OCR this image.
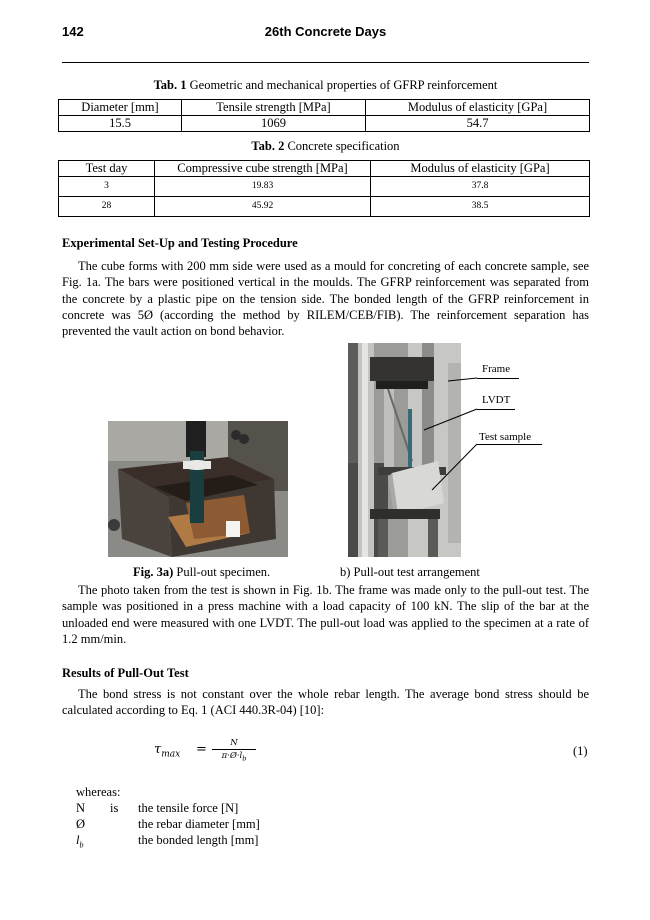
142	26th Concrete Days
Tab. 1 Geometric and mechanical properties of GFRP reinforcement
Diameter [mm]	Tensile strength [MPa]	Modulus of elasticity [GPa]
15.5	1069	54.7
Tab. 2 Concrete specification
Test day	Compressive cube strength [MPa]	Modulus of elasticity [GPa]
3	19.83	37.8
28	45.92	38.5
Experimental Set-Up and Testing Procedure
The cube forms with 200 mm side were used as a mould for concreting of each concrete sample, see Fig. 1a. The bars were positioned vertical in the moulds. The GFRP reinforcement was separated from the concrete by a plastic pipe on the tension side. The bonded length of the GFRP reinforcement in concrete was 5Ø (according the method by RILEM/CEB/FIB). The reinforcement separation has prevented the vault action on bond behavior.
Frame
LVDT
Test sample
Fig. 3a) Pull-out specimen.	b) Pull-out test arrangement
The photo taken from the test is shown in Fig. 1b. The frame was made only to the pull-out test. The sample was positioned in a press machine with a load capacity of 100 kN. The slip of the bar at the unloaded end were measured with one LVDT. The pull-out load was applied to the specimen at a rate of 1.2 mm/min.
Results of Pull-Out Test
The bond stress is not constant over the whole rebar length. The average bond stress should be calculated according to Eq. 1 (ACI 440.3R-04) [10]:
$\tau_{max}$ =	N
$\pi\cdot Ø\cdot l_b$
(1)
whereas:
N is the tensile force [N]
Ø	the rebar diameter [mm]
$l_b$	the bonded length [mm]
